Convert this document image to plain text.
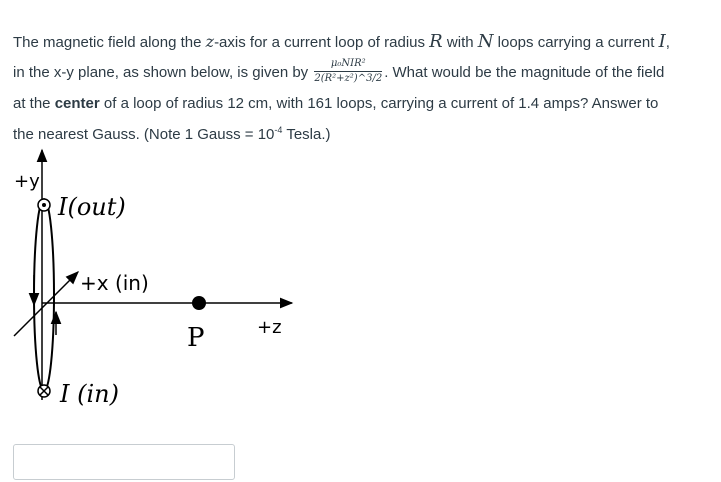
The magnetic field along the z-axis for a current loop of radius R with N loops carrying a current I,
in the x-y plane, as shown below, is given by $\frac{\text{μ₀NIR²}}{\text{2(R²+z²)\textasciicircum{}3/2}}$ . What would be the magnitude of the field
at the center of a loop of radius 12 cm, with 161 loops, carrying a current of 1.4 amps? Answer to
the nearest Gauss. (Note 1 Gauss = $10^{-4}$ Tesla.)
+y
+x (in)
+z
P
I(out)
I (in)
